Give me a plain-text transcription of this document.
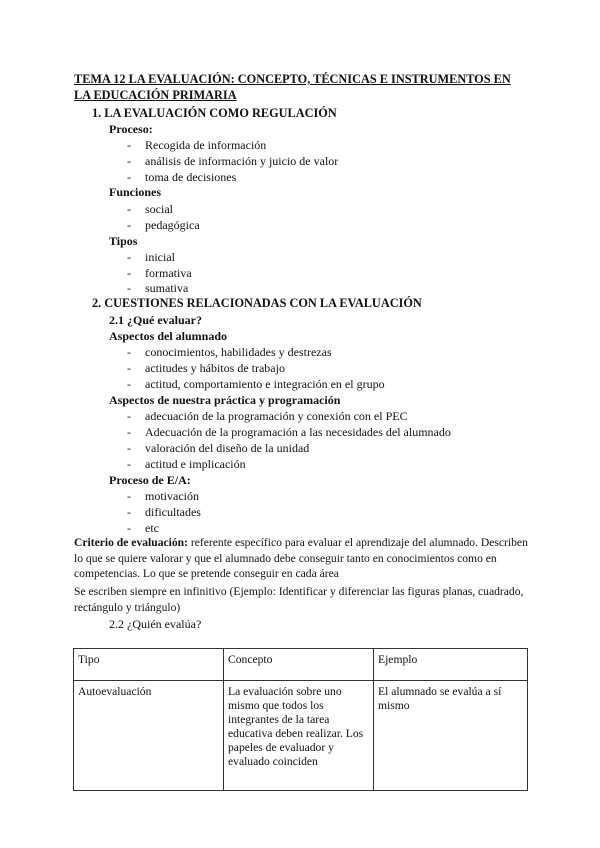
TEMA 12 LA EVALUACIÓN: CONCEPTO, TÉCNICAS E INSTRUMENTOS EN LA EDUCACIÓN PRIMARIA
1. LA EVALUACIÓN COMO REGULACIÓN
Proceso:
- Recogida de información
- análisis de información y juicio de valor
- toma de decisiones
Funciones
- social
- pedagógica
Tipos
- inicial
- formativa
- sumativa
2. CUESTIONES RELACIONADAS CON LA EVALUACIÓN
2.1 ¿Qué evaluar?
Aspectos del alumnado
- conocimientos, habilidades y destrezas
- actitudes y hábitos de trabajo
- actitud, comportamiento e integración en el grupo
Aspectos de nuestra práctica y programación
- adecuación de la programación y conexión con el PEC
- Adecuación de la programación a las necesidades del alumnado
- valoración del diseño de la unidad
- actitud e implicación
Proceso de E/A:
- motivación
- dificultades
- etc
Criterio de evaluación: referente específico para evaluar el aprendizaje del alumnado. Describen lo que se quiere valorar y que el alumnado debe conseguir tanto en conocimientos como en competencias. Lo que se pretende conseguir en cada área
Se escriben siempre en infinitivo (Ejemplo: Identificar y diferenciar las figuras planas, cuadrado, rectángulo y triángulo)
2.2 ¿Quién evalúa?
Tipo	Concepto	Ejemplo
Autoevaluación	La evaluación sobre uno mismo que todos los integrantes de la tarea educativa deben realizar. Los papeles de evaluador y evaluado coinciden	El alumnado se evalúa a sí mismo
